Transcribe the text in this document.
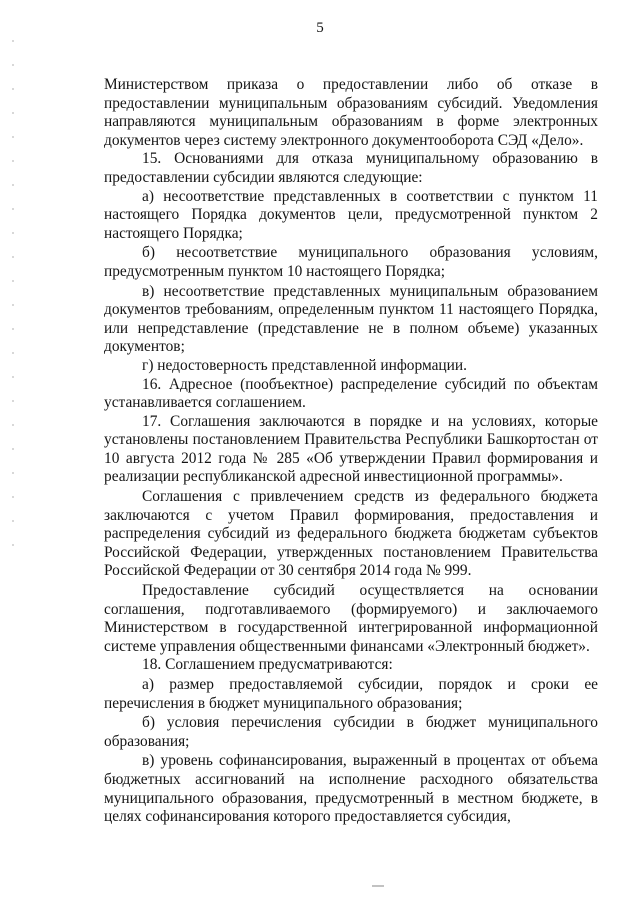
5

Министерством приказа о предоставлении либо об отказе в предоставлении муниципальным образованиям субсидий. Уведомления направляются муниципальным образованиям в форме электронных документов через систему электронного документооборота СЭД «Дело».

15. Основаниями для отказа муниципальному образованию в предоставлении субсидии являются следующие:

а) несоответствие представленных в соответствии с пунктом 11 настоящего Порядка документов цели, предусмотренной пунктом 2 настоящего Порядка;

б) несоответствие муниципального образования условиям, предусмотренным пунктом 10 настоящего Порядка;

в) несоответствие представленных муниципальным образованием документов требованиям, определенным пунктом 11 настоящего Порядка, или непредставление (представление не в полном объеме) указанных документов;

г) недостоверность представленной информации.

16. Адресное (пообъектное) распределение субсидий по объектам устанавливается соглашением.

17. Соглашения заключаются в порядке и на условиях, которые установлены постановлением Правительства Республики Башкортостан от 10 августа 2012 года № 285 «Об утверждении Правил формирования и реализации республиканской адресной инвестиционной программы».

Соглашения с привлечением средств из федерального бюджета заключаются с учетом Правил формирования, предоставления и распределения субсидий из федерального бюджета бюджетам субъектов Российской Федерации, утвержденных постановлением Правительства Российской Федерации от 30 сентября 2014 года № 999.

Предоставление субсидий осуществляется на основании соглашения, подготавливаемого (формируемого) и заключаемого Министерством в государственной интегрированной информационной системе управления общественными финансами «Электронный бюджет».

18. Соглашением предусматриваются:

а) размер предоставляемой субсидии, порядок и сроки ее перечисления в бюджет муниципального образования;

б) условия перечисления субсидии в бюджет муниципального образования;

в) уровень софинансирования, выраженный в процентах от объема бюджетных ассигнований на исполнение расходного обязательства муниципального образования, предусмотренный в местном бюджете, в целях софинансирования которого предоставляется субсидия,
